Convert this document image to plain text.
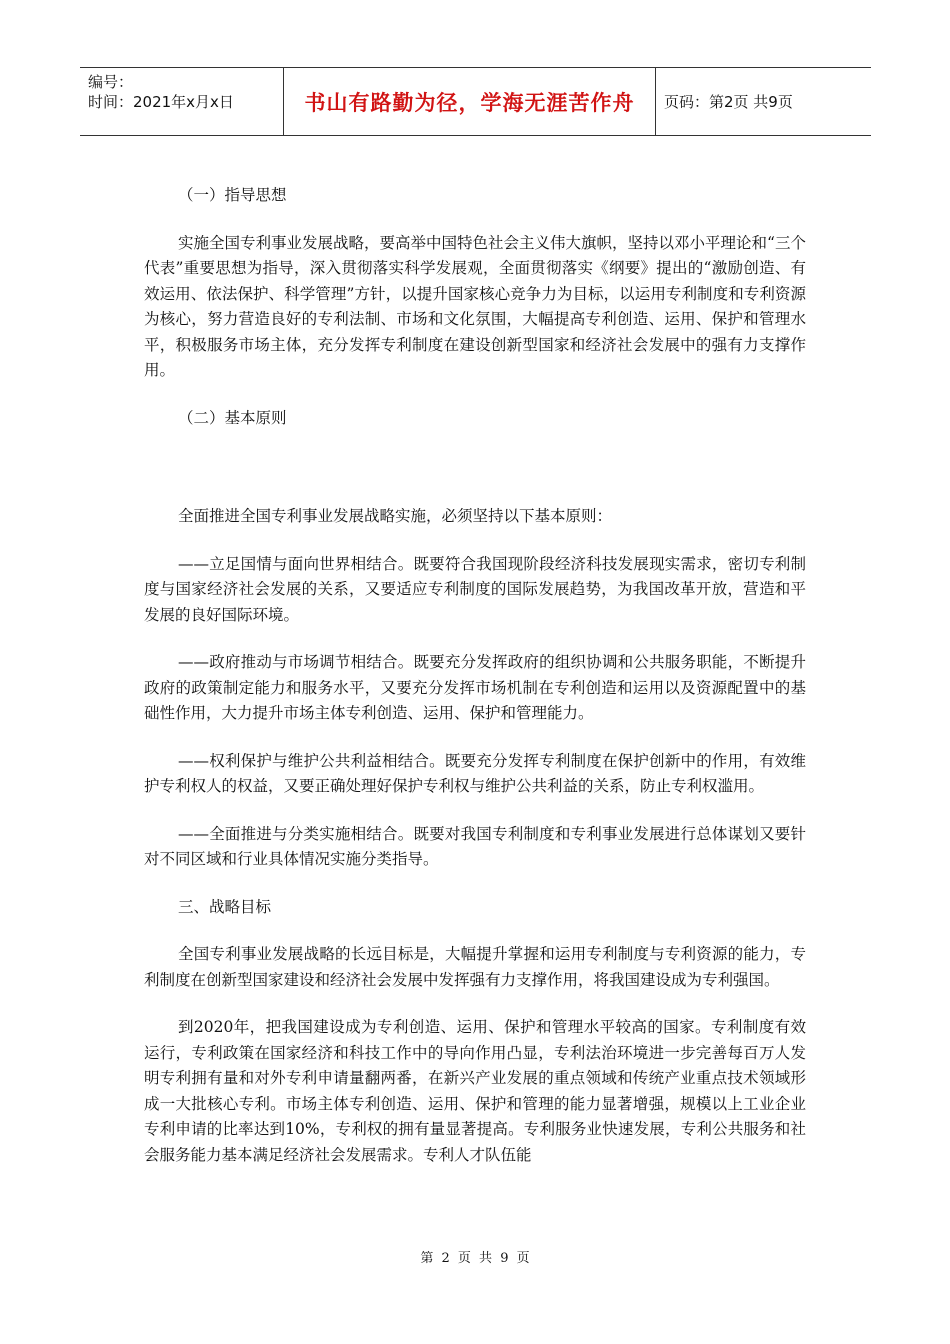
编号：
时间：2021年x月x日	书山有路勤为径，学海无涯苦作舟	页码：第2页 共9页

（一）指导思想

实施全国专利事业发展战略，要高举中国特色社会主义伟大旗帜，坚持以邓小平理论和“三个代表”重要思想为指导，深入贯彻落实科学发展观，全面贯彻落实《纲要》提出的“激励创造、有效运用、依法保护、科学管理”方针，以提升国家核心竞争力为目标，以运用专利制度和专利资源为核心，努力营造良好的专利法制、市场和文化氛围，大幅提高专利创造、运用、保护和管理水平，积极服务市场主体，充分发挥专利制度在建设创新型国家和经济社会发展中的强有力支撑作用。

（二）基本原则

全面推进全国专利事业发展战略实施，必须坚持以下基本原则：

——立足国情与面向世界相结合。既要符合我国现阶段经济科技发展现实需求，密切专利制度与国家经济社会发展的关系，又要适应专利制度的国际发展趋势，为我国改革开放，营造和平发展的良好国际环境。

——政府推动与市场调节相结合。既要充分发挥政府的组织协调和公共服务职能，不断提升政府的政策制定能力和服务水平，又要充分发挥市场机制在专利创造和运用以及资源配置中的基础性作用，大力提升市场主体专利创造、运用、保护和管理能力。

——权利保护与维护公共利益相结合。既要充分发挥专利制度在保护创新中的作用，有效维护专利权人的权益，又要正确处理好保护专利权与维护公共利益的关系，防止专利权滥用。

——全面推进与分类实施相结合。既要对我国专利制度和专利事业发展进行总体谋划又要针对不同区域和行业具体情况实施分类指导。

三、战略目标

全国专利事业发展战略的长远目标是，大幅提升掌握和运用专利制度与专利资源的能力，专利制度在创新型国家建设和经济社会发展中发挥强有力支撑作用，将我国建设成为专利强国。

到2020年，把我国建设成为专利创造、运用、保护和管理水平较高的国家。专利制度有效运行，专利政策在国家经济和科技工作中的导向作用凸显，专利法治环境进一步完善每百万人发明专利拥有量和对外专利申请量翻两番，在新兴产业发展的重点领域和传统产业重点技术领域形成一大批核心专利。市场主体专利创造、运用、保护和管理的能力显著增强，规模以上工业企业专利申请的比率达到10%，专利权的拥有量显著提高。专利服务业快速发展，专利公共服务和社会服务能力基本满足经济社会发展需求。专利人才队伍能

第 2 页 共 9 页
